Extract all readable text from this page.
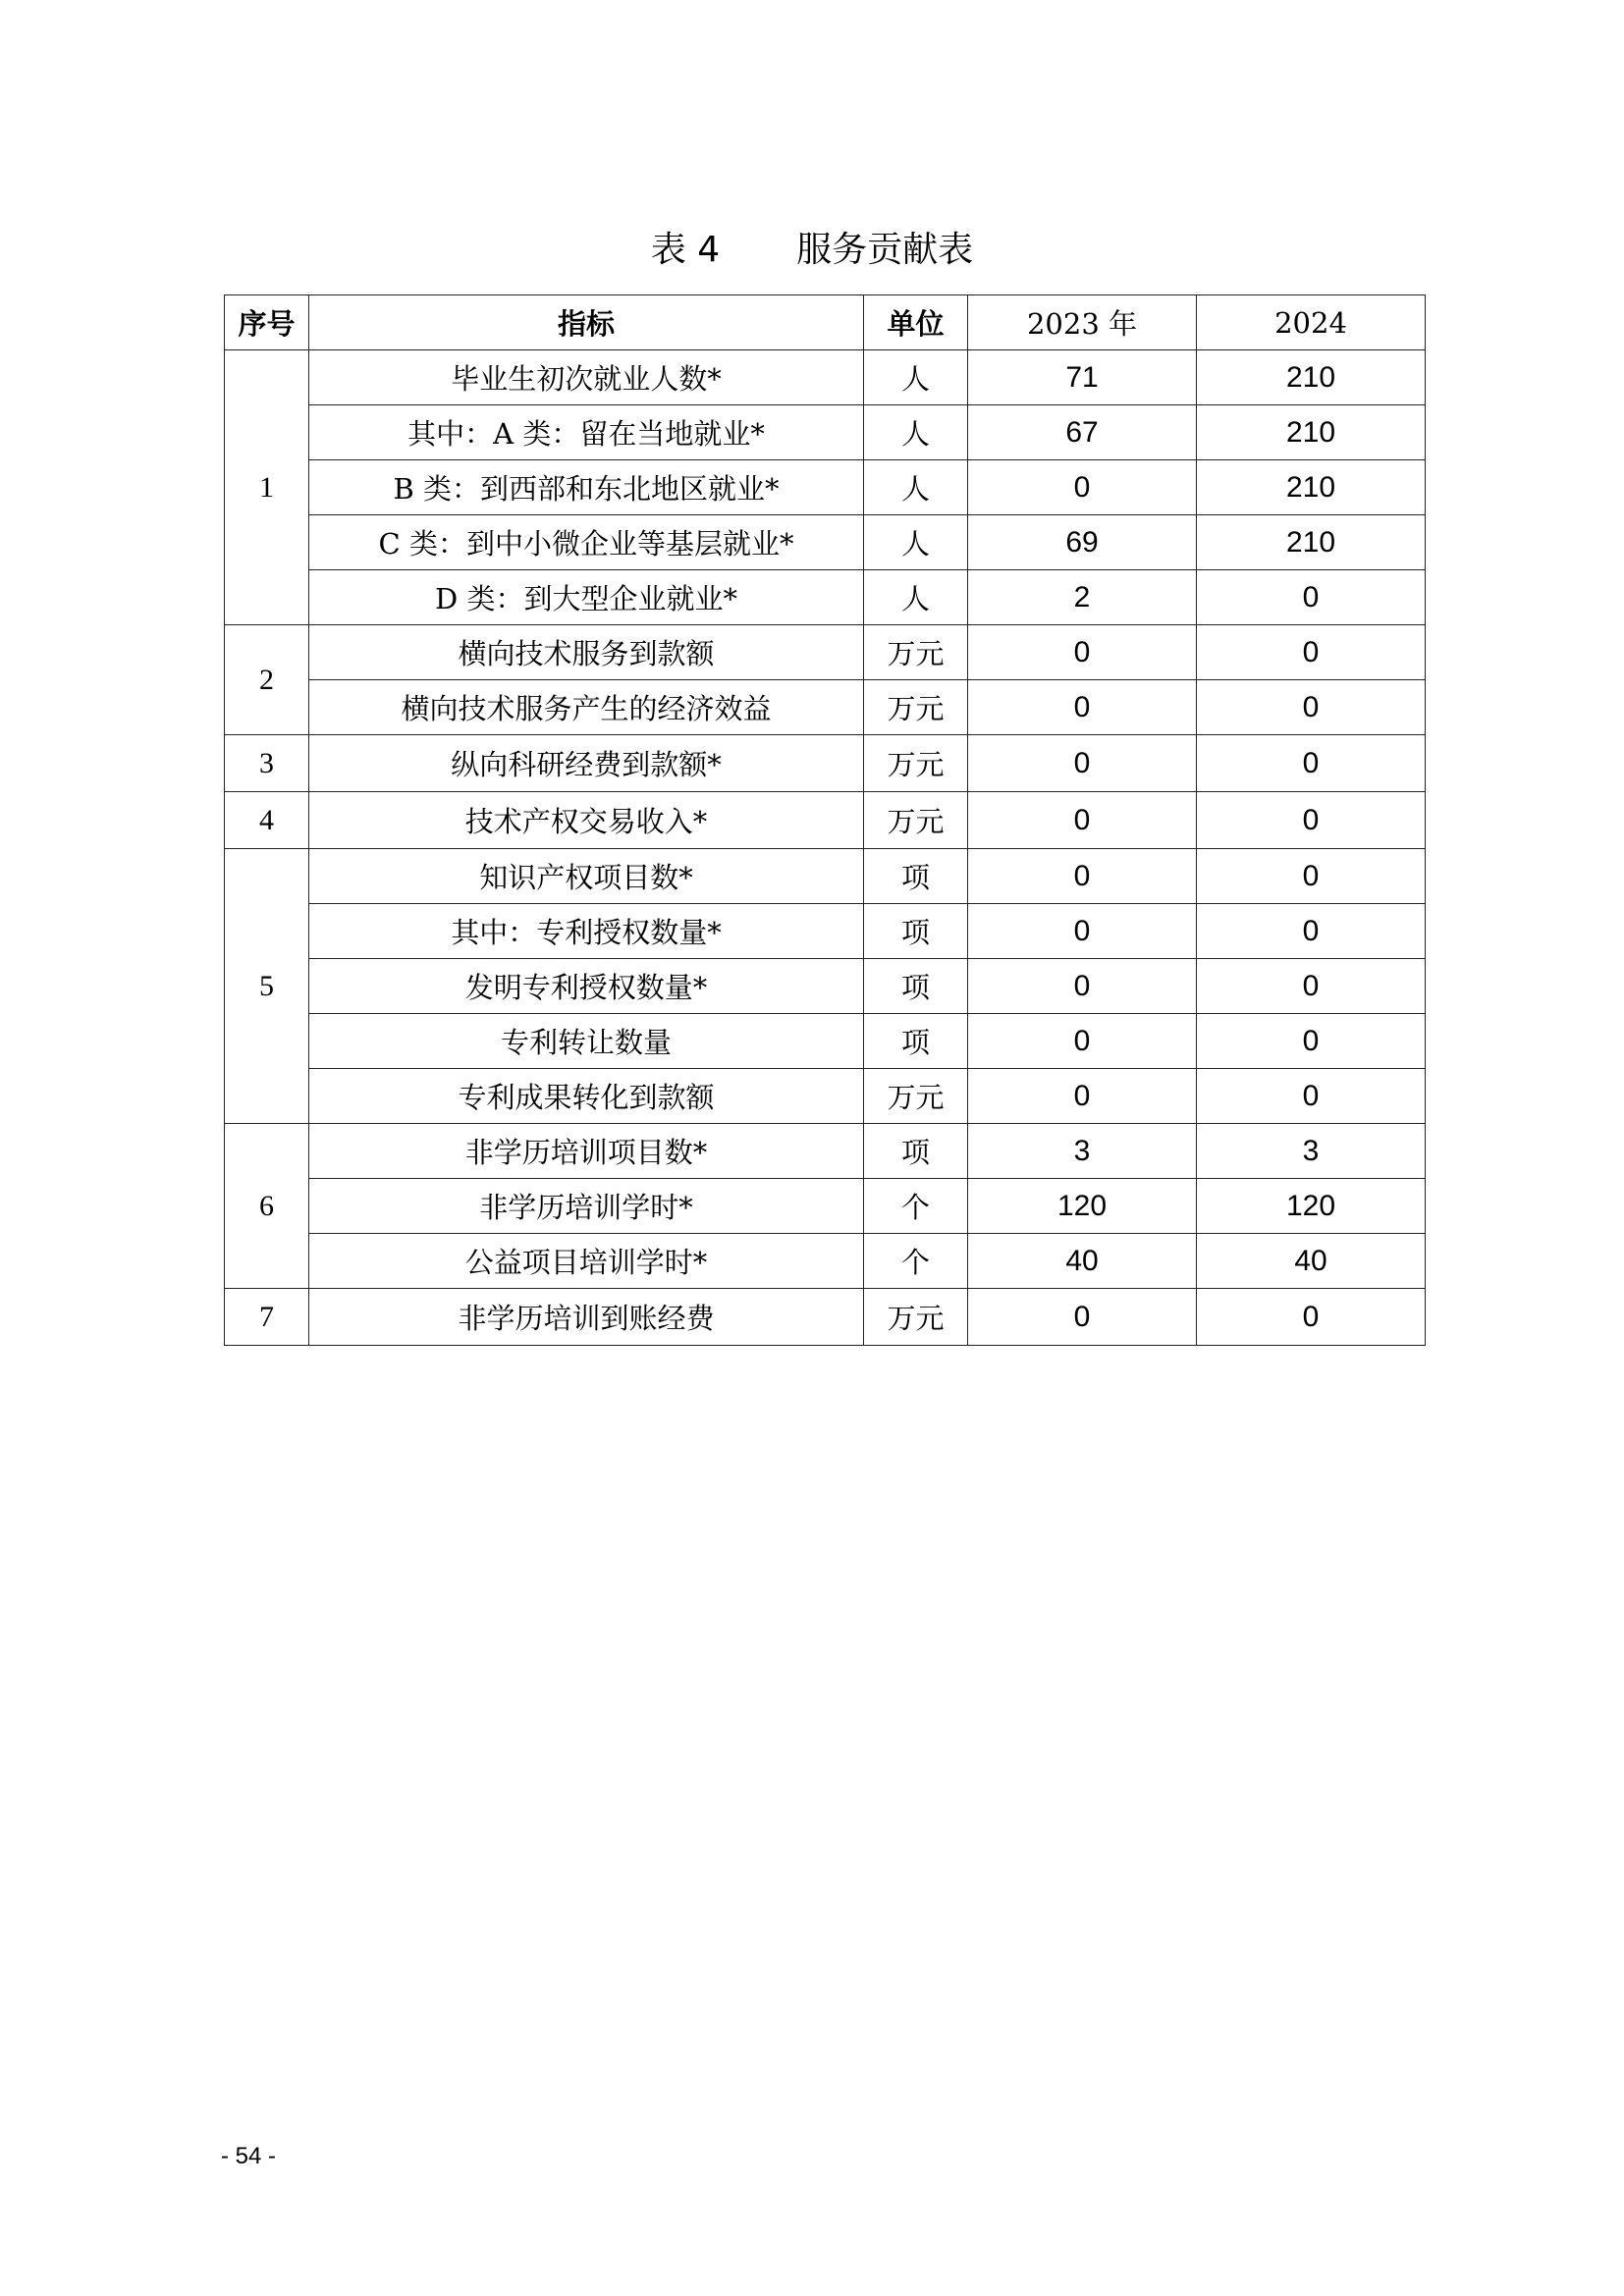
表 4 服务贡献表
序号	指标	单位	2023 年	2024
1	毕业生初次就业人数*	人	71	210
	其中：A 类：留在当地就业*	人	67	210
	B 类：到西部和东北地区就业*	人	0	210
	C 类：到中小微企业等基层就业*	人	69	210
	D 类：到大型企业就业*	人	2	0
2	横向技术服务到款额	万元	0	0
	横向技术服务产生的经济效益	万元	0	0
3	纵向科研经费到款额*	万元	0	0
4	技术产权交易收入*	万元	0	0
5	知识产权项目数*	项	0	0
	其中：专利授权数量*	项	0	0
	发明专利授权数量*	项	0	0
	专利转让数量	项	0	0
	专利成果转化到款额	万元	0	0
6	非学历培训项目数*	项	3	3
	非学历培训学时*	个	120	120
	公益项目培训学时*	个	40	40
7	非学历培训到账经费	万元	0	0
- 54 -
